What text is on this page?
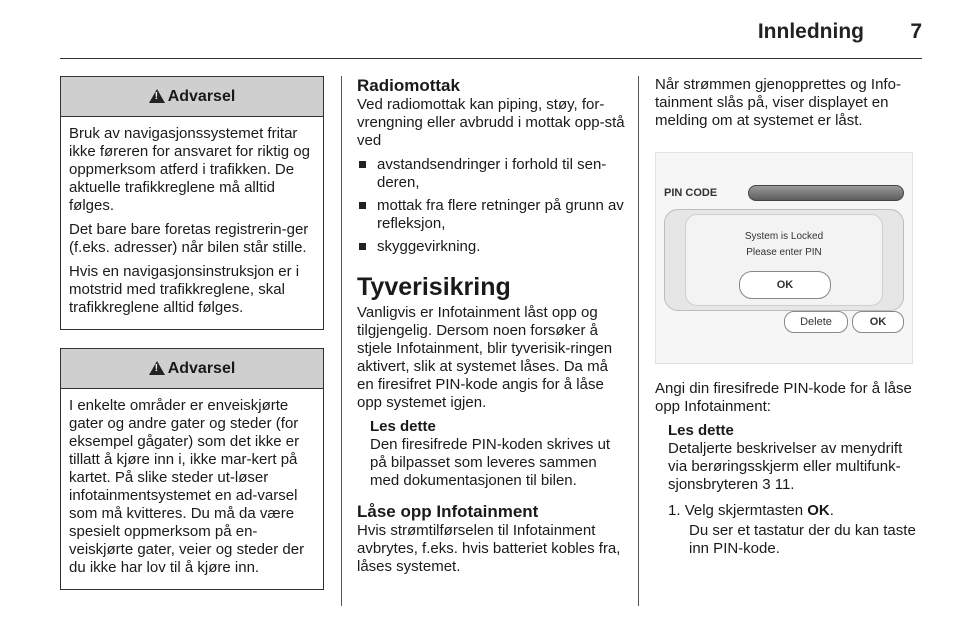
Innledning 7
!
Advarsel

Bruk av navigasjonssystemet fritar ikke føreren for ansvaret for riktig og oppmerksom atferd i trafikken. De aktuelle trafikkreglene må alltid følges.

Det bare bare foretas registrerin-ger (f.eks. adresser) når bilen står stille.

Hvis en navigasjonsinstruksjon er i motstrid med trafikkreglene, skal trafikkreglene alltid følges.

!
Advarsel

I enkelte områder er enveiskjørte gater og andre gater og steder (for eksempel gågater) som det ikke er tillatt å kjøre inn i, ikke mar-kert på kartet. På slike steder ut-løser infotainmentsystemet en ad-varsel som må kvitteres. Du må da være spesielt oppmerksom på en-veiskjørte gater, veier og steder der du ikke har lov til å kjøre inn.

Radiomottak

Ved radiomottak kan piping, støy, for-vrengning eller avbrudd i mottak opp-stå ved

avstandsendringer i forhold til sen-deren,
mottak fra flere retninger på grunn av refleksjon,
skyggevirkning.
Tyverisikring

Vanligvis er Infotainment låst opp og tilgjengelig. Dersom noen forsøker å stjele Infotainment, blir tyverisik-ringen aktivert, slik at systemet låses. Da må en firesifret PIN-kode angis for å låse opp systemet igjen.

Les dette
Den firesifrede PIN-koden skrives ut på bilpasset som leveres sammen med dokumentasjonen til bilen.
Låse opp Infotainment

Hvis strømtilførselen til Infotainment avbrytes, f.eks. hvis batteriet kobles fra, låses systemet.

Når strømmen gjenopprettes og Info-tainment slås på, viser displayet en melding om at systemet er låst.

PIN CODE
System is Locked
Please enter PIN
OK
Delete	OK

Angi din firesifrede PIN-kode for å låse opp Infotainment:

Les dette
Detaljerte beskrivelser av menydrift via berøringsskjerm eller multifunk-sjonsbryteren 3 11.
1. Velg skjermtasten OK.
Du ser et tastatur der du kan taste inn PIN-kode.
